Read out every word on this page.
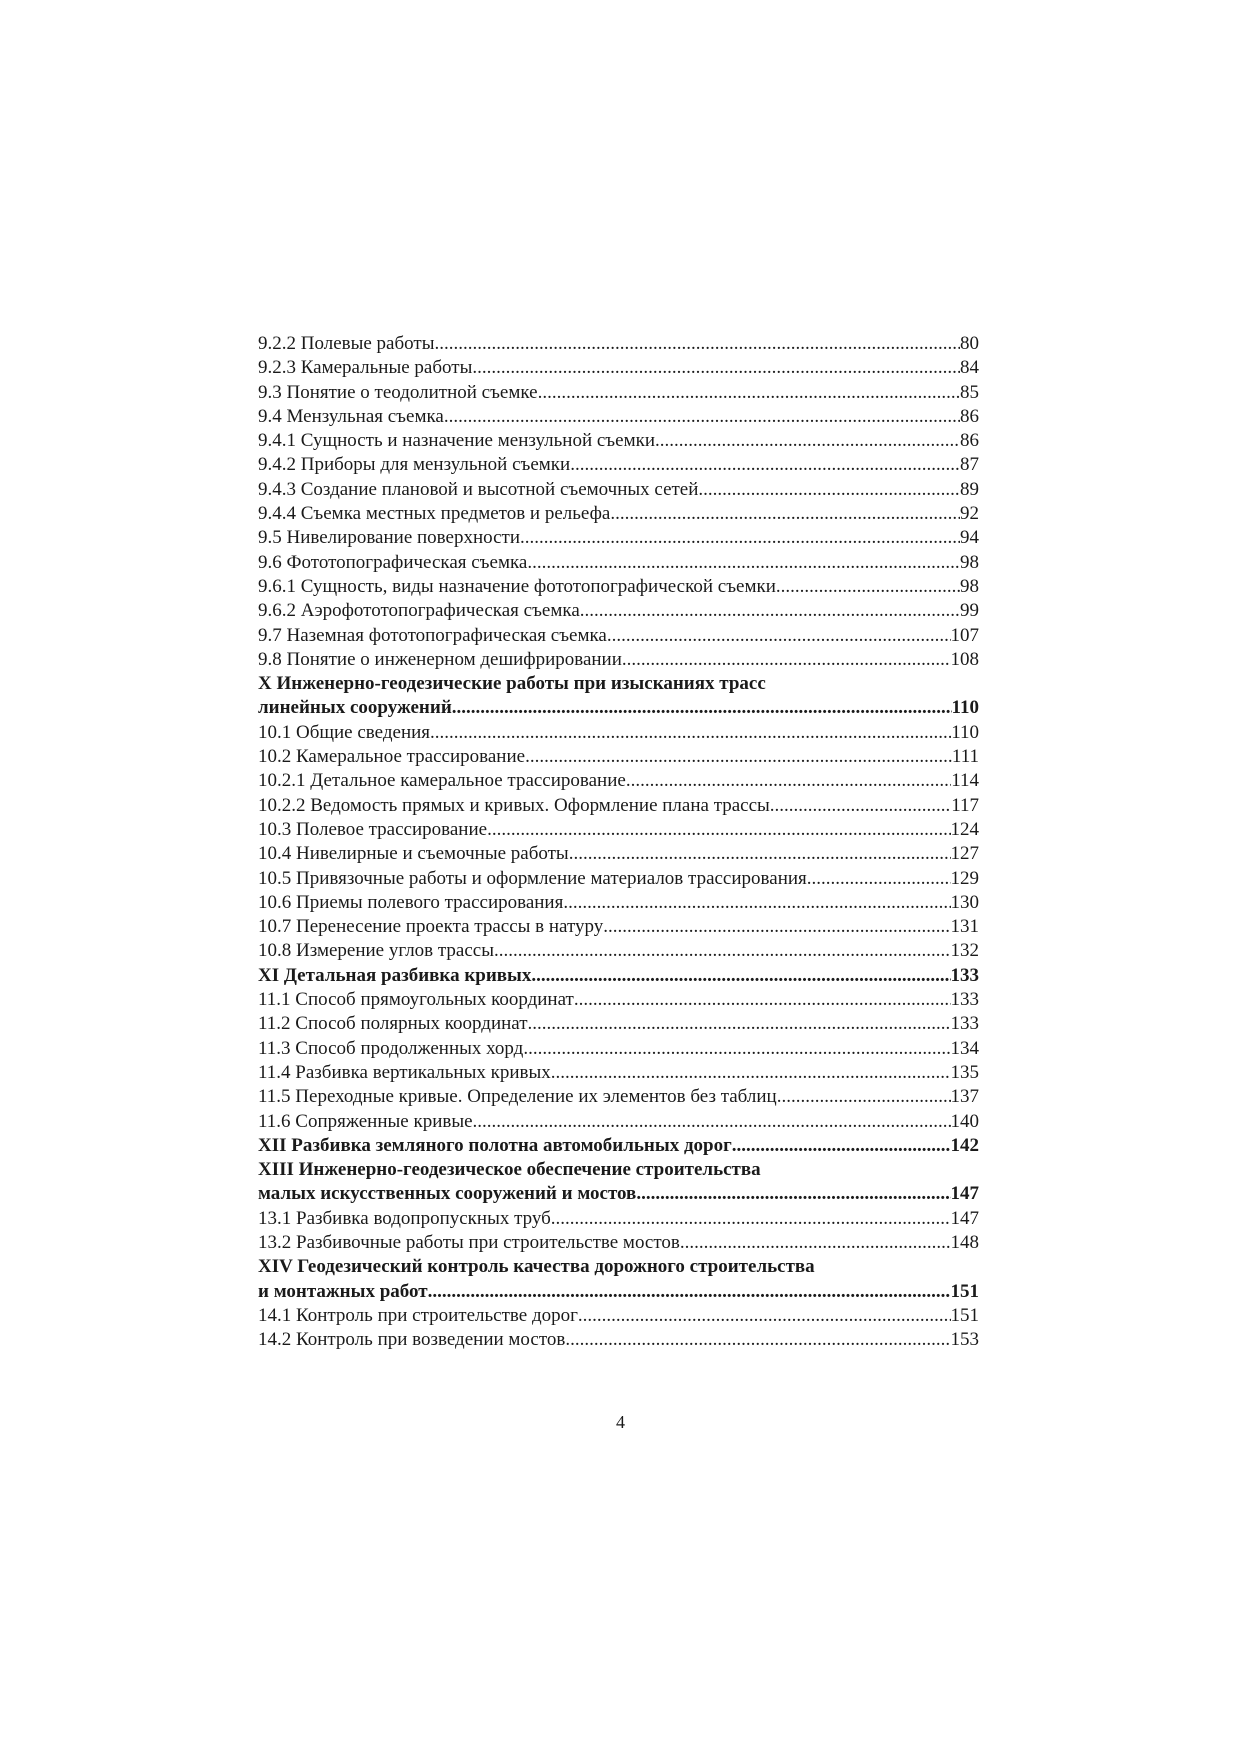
9.2.2 Полевые работы .....	80
9.2.3 Камеральные работы .....	84
9.3 Понятие о теодолитной съемке .....	85
9.4 Мензульная съемка .....	86
9.4.1 Сущность и назначение мензульной съемки .....	86
9.4.2 Приборы для мензульной съемки .....	87
9.4.3 Создание плановой и высотной съемочных сетей .....	89
9.4.4 Съемка местных предметов и рельефа .....	92
9.5 Нивелирование поверхности .....	94
9.6 Фототопографическая съемка .....	98
9.6.1 Сущность, виды назначение фототопографической съемки .....	98
9.6.2 Аэрофототопографическая съемка .....	99
9.7 Наземная фототопографическая съемка .....	107
9.8 Понятие о инженерном дешифрировании .....	108
X Инженерно-геодезические работы при изысканиях трасс
линейных сооружений .....	110
10.1 Общие сведения .....	110
10.2 Камеральное трассирование .....	111
10.2.1 Детальное камеральное трассирование .....	114
10.2.2 Ведомость прямых и кривых. Оформление плана трассы .....	117
10.3 Полевое трассирование .....	124
10.4 Нивелирные и съемочные работы .....	127
10.5 Привязочные работы и оформление материалов трассирования .....	129
10.6 Приемы полевого трассирования .....	130
10.7 Перенесение проекта трассы в натуру .....	131
10.8 Измерение углов трассы .....	132
XI Детальная разбивка кривых .....	133
11.1 Способ прямоугольных координат .....	133
11.2 Способ полярных координат .....	133
11.3 Способ продолженных хорд .....	134
11.4 Разбивка вертикальных кривых .....	135
11.5 Переходные кривые. Определение их элементов без таблиц .....	137
11.6 Сопряженные кривые .....	140
XII Разбивка земляного полотна автомобильных дорог .....	142
XIII Инженерно-геодезическое обеспечение строительства
малых искусственных сооружений и мостов .....	147
13.1 Разбивка водопропускных труб .....	147
13.2 Разбивочные работы при строительстве мостов .....	148
XIV Геодезический контроль качества дорожного строительства
и монтажных работ .....	151
14.1 Контроль при строительстве дорог .....	151
14.2 Контроль при возведении мостов .....	153
4
